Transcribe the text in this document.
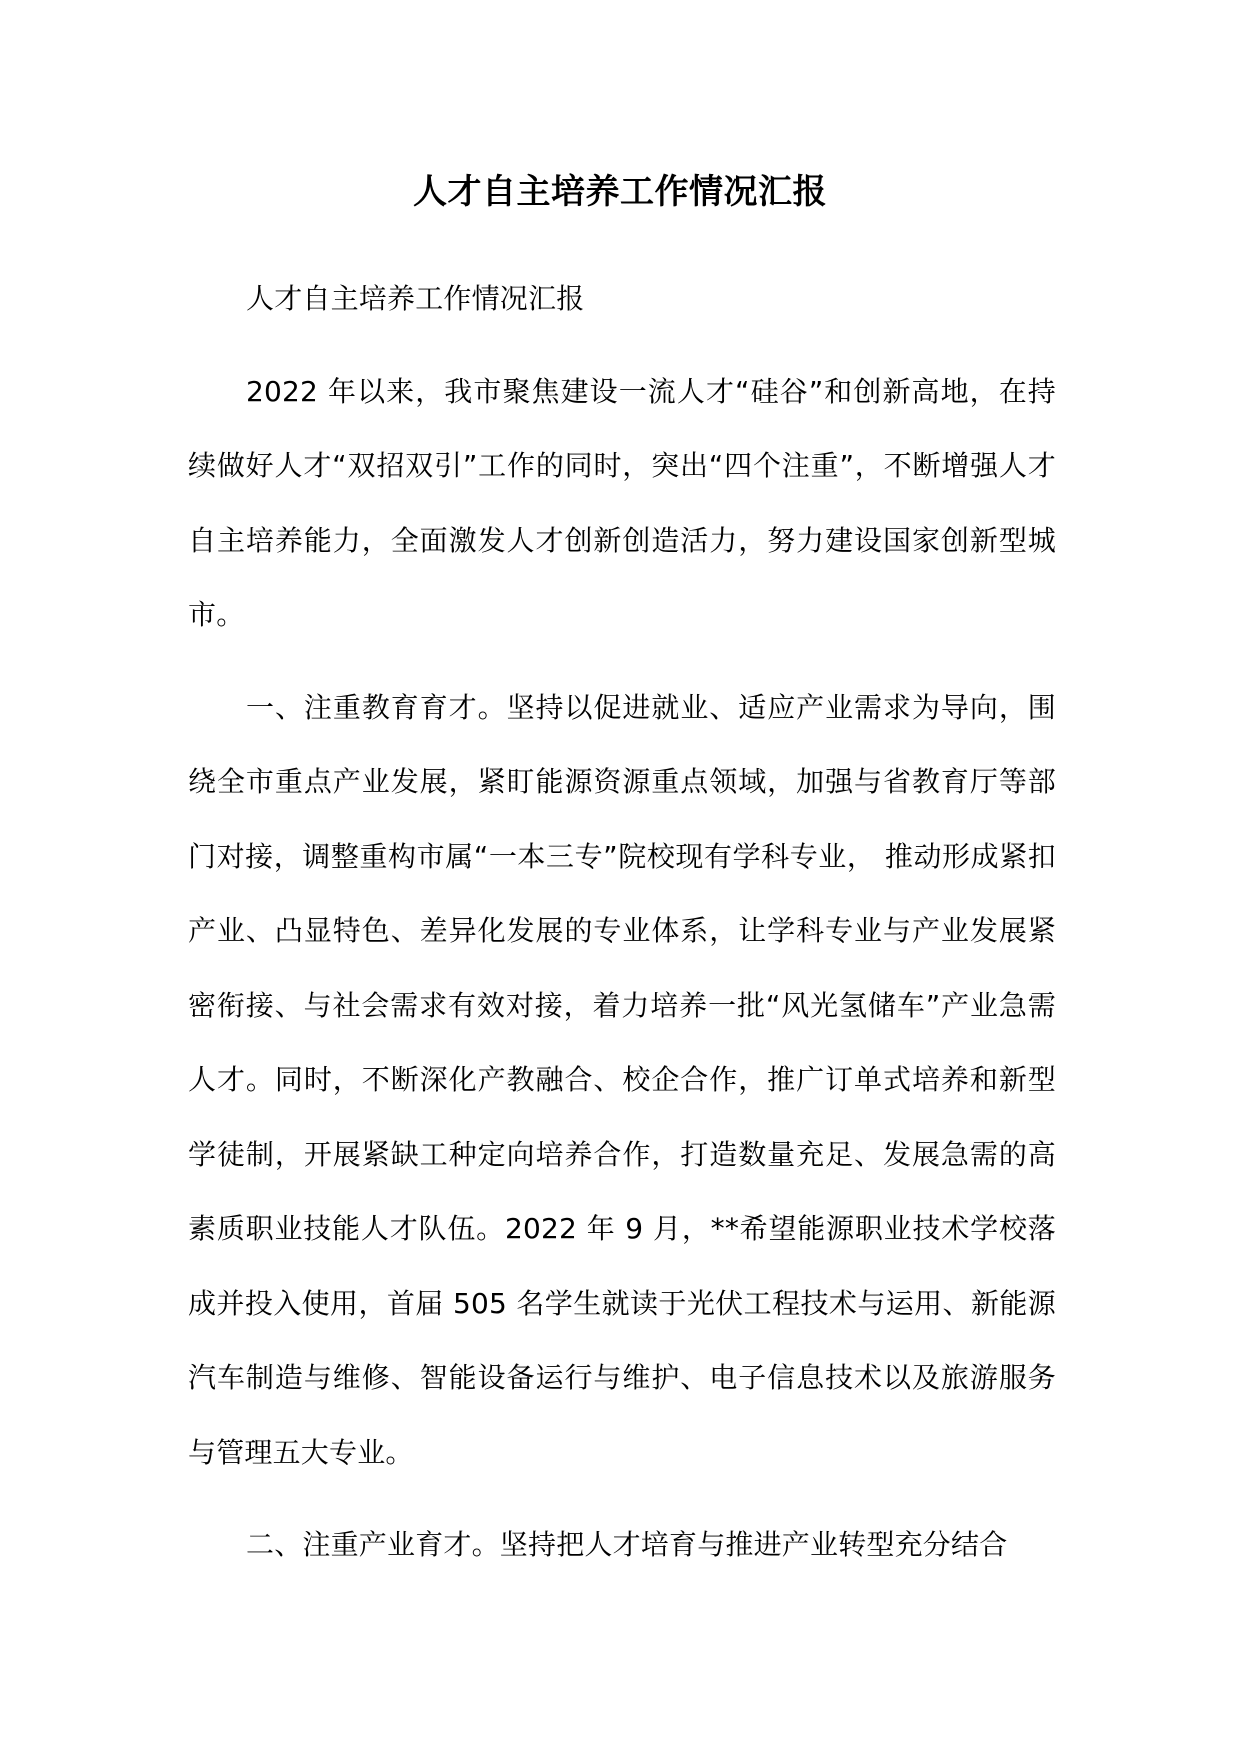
人才自主培养工作情况汇报

人才自主培养工作情况汇报

2022 年以来，我市聚焦建设一流人才“硅谷”和创新高地，在持续做好人才“双招双引”工作的同时，突出“四个注重”，不断增强人才自主培养能力，全面激发人才创新创造活力，努力建设国家创新型城市。

一、注重教育育才。坚持以促进就业、适应产业需求为导向，围绕全市重点产业发展，紧盯能源资源重点领域，加强与省教育厅等部门对接，调整重构市属“一本三专”院校现有学科专业， 推动形成紧扣产业、凸显特色、差异化发展的专业体系，让学科专业与产业发展紧密衔接、与社会需求有效对接，着力培养一批“风光氢储车”产业急需人才。同时，不断深化产教融合、校企合作，推广订单式培养和新型学徒制，开展紧缺工种定向培养合作，打造数量充足、发展急需的高素质职业技能人才队伍。2022 年 9 月，**希望能源职业技术学校落成并投入使用，首届 505 名学生就读于光伏工程技术与运用、新能源汽车制造与维修、智能设备运行与维护、电子信息技术以及旅游服务与管理五大专业。

二、注重产业育才。坚持把人才培育与推进产业转型充分结合
